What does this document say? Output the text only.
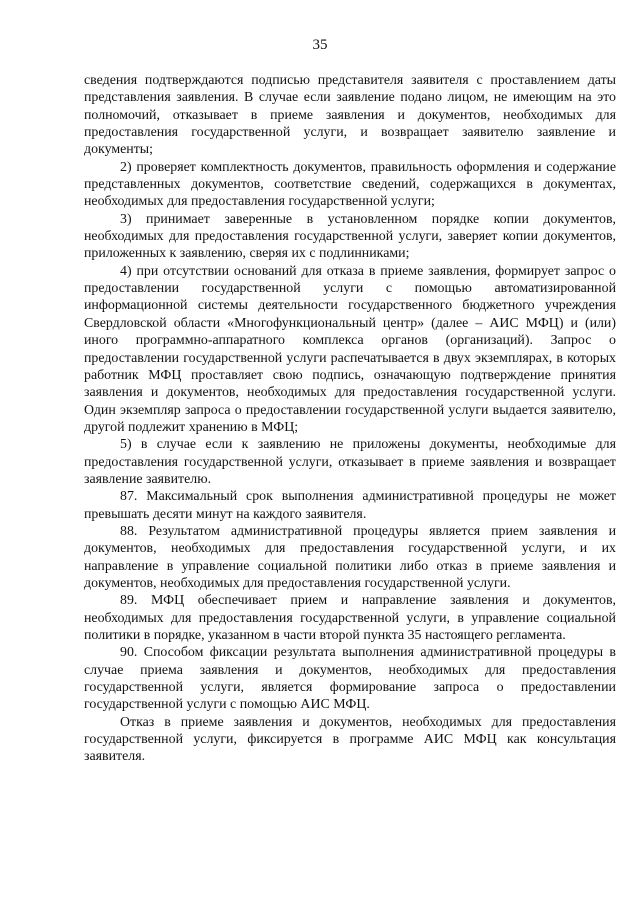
35

сведения подтверждаются подписью представителя заявителя с проставлением даты представления заявления. В случае если заявление подано лицом, не имеющим на это полномочий, отказывает в приеме заявления и документов, необходимых для предоставления государственной услуги, и возвращает заявителю заявление и документы;

2) проверяет комплектность документов, правильность оформления и содержание представленных документов, соответствие сведений, содержащихся в документах, необходимых для предоставления государственной услуги;

3) принимает заверенные в установленном порядке копии документов, необходимых для предоставления государственной услуги, заверяет копии документов, приложенных к заявлению, сверяя их с подлинниками;

4) при отсутствии оснований для отказа в приеме заявления, формирует запрос о предоставлении государственной услуги с помощью автоматизированной информационной системы деятельности государственного бюджетного учреждения Свердловской области «Многофункциональный центр» (далее – АИС МФЦ) и (или) иного программно-аппаратного комплекса органов (организаций). Запрос о предоставлении государственной услуги распечатывается в двух экземплярах, в которых работник МФЦ проставляет свою подпись, означающую подтверждение принятия заявления и документов, необходимых для предоставления государственной услуги. Один экземпляр запроса о предоставлении государственной услуги выдается заявителю, другой подлежит хранению в МФЦ;

5) в случае если к заявлению не приложены документы, необходимые для предоставления государственной услуги, отказывает в приеме заявления и возвращает заявление заявителю.

87. Максимальный срок выполнения административной процедуры не может превышать десяти минут на каждого заявителя.

88. Результатом административной процедуры является прием заявления и документов, необходимых для предоставления государственной услуги, и их направление в управление социальной политики либо отказ в приеме заявления и документов, необходимых для предоставления государственной услуги.

89. МФЦ обеспечивает прием и направление заявления и документов, необходимых для предоставления государственной услуги, в управление социальной политики в порядке, указанном в части второй пункта 35 настоящего регламента.

90. Способом фиксации результата выполнения административной процедуры в случае приема заявления и документов, необходимых для предоставления государственной услуги, является формирование запроса о предоставлении государственной услуги с помощью АИС МФЦ.

Отказ в приеме заявления и документов, необходимых для предоставления государственной услуги, фиксируется в программе АИС МФЦ как консультация заявителя.
